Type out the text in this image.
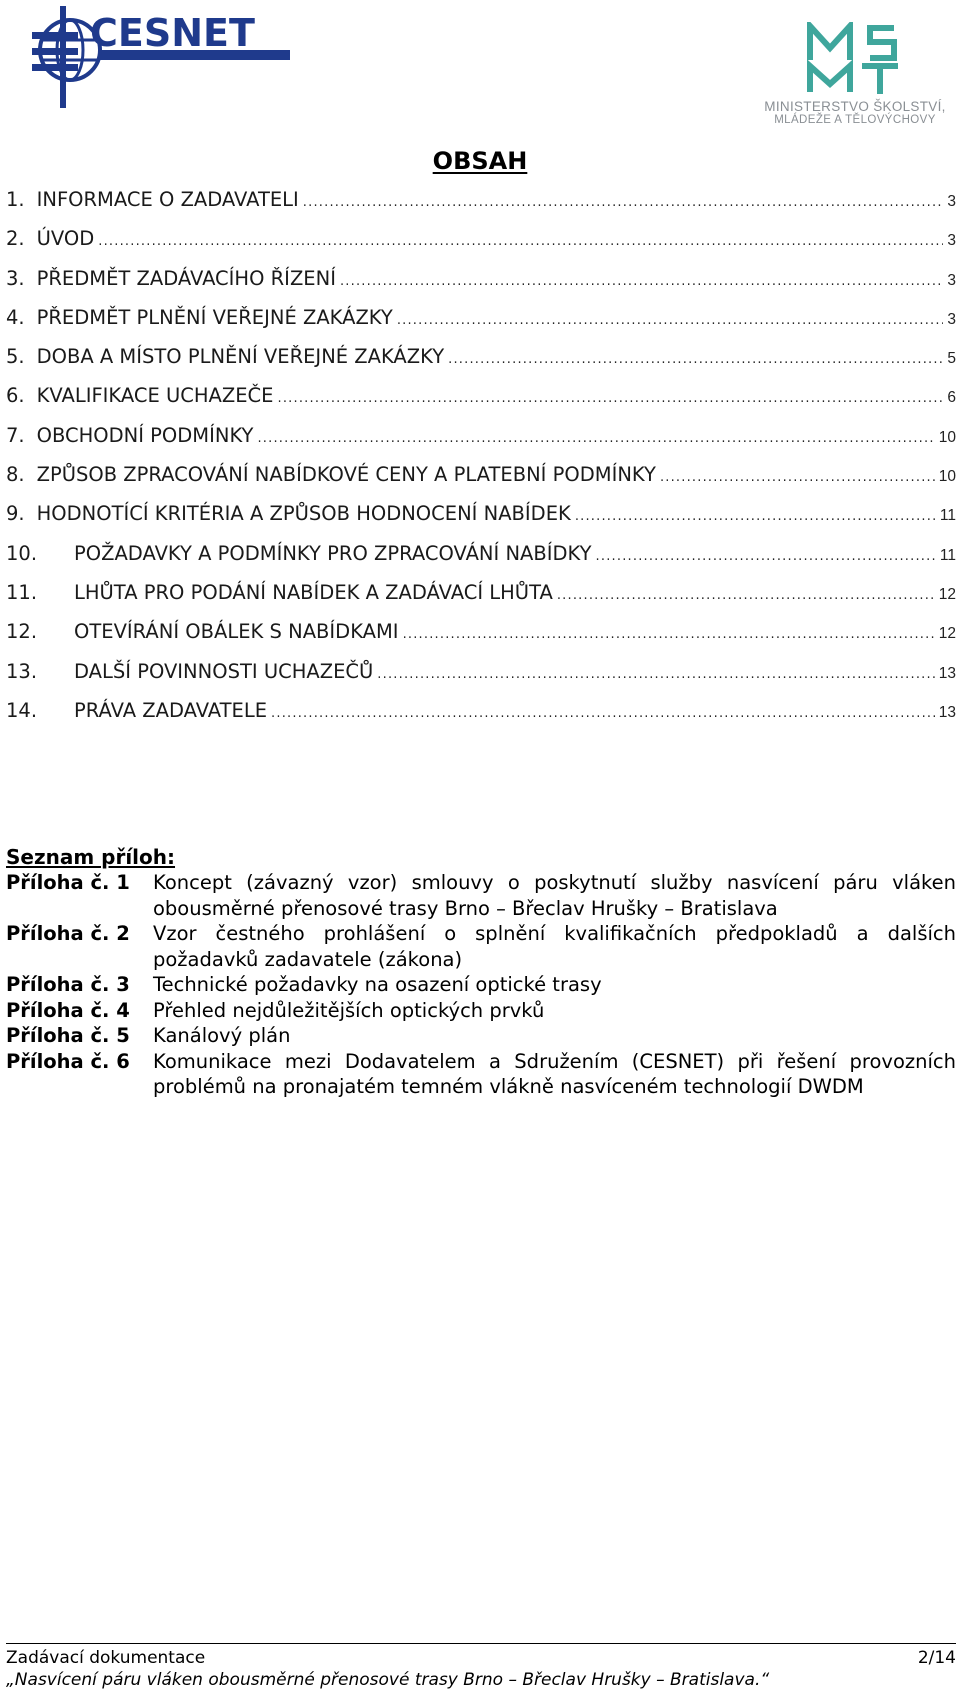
CESNET
MINISTERSTVO ŠKOLSTVÍ,
MLÁDEŽE A TĚLOVÝCHOVY
OBSAH
1. INFORMACE O ZADAVATELI .....	3
2. ÚVOD .....	3
3. PŘEDMĚT ZADÁVACÍHO ŘÍZENÍ .....	3
4. PŘEDMĚT PLNĚNÍ VEŘEJNÉ ZAKÁZKY .....	3
5. DOBA A MÍSTO PLNĚNÍ VEŘEJNÉ ZAKÁZKY .....	5
6. KVALIFIKACE UCHAZEČE .....	6
7. OBCHODNÍ PODMÍNKY .....	10
8. ZPŮSOB ZPRACOVÁNÍ NABÍDKOVÉ CENY A PLATEBNÍ PODMÍNKY .....	10
9. HODNOTÍCÍ KRITÉRIA A ZPŮSOB HODNOCENÍ NABÍDEK .....	11
10.	POŽADAVKY A PODMÍNKY PRO ZPRACOVÁNÍ NABÍDKY .....	11
11.	LHŮTA PRO PODÁNÍ NABÍDEK A ZADÁVACÍ LHŮTA .....	12
12.	OTEVÍRÁNÍ OBÁLEK S NABÍDKAMI .....	12
13.	DALŠÍ POVINNOSTI UCHAZEČŮ .....	13
14.	PRÁVA ZADAVATELE .....	13
Seznam příloh:
Příloha č. 1	Koncept (závazný vzor) smlouvy o poskytnutí služby nasvícení páru vláken obousměrné přenosové trasy Brno – Břeclav Hrušky – Bratislava
Příloha č. 2	Vzor čestného prohlášení o splnění kvalifikačních předpokladů a dalších požadavků zadavatele (zákona)
Příloha č. 3	Technické požadavky na osazení optické trasy
Příloha č. 4	Přehled nejdůležitějších optických prvků
Příloha č. 5	Kanálový plán
Příloha č. 6	Komunikace mezi Dodavatelem a Sdružením (CESNET) při řešení provozních problémů na pronajatém temném vlákně nasvíceném technologií DWDM
Zadávací dokumentace	2/14
„Nasvícení páru vláken obousměrné přenosové trasy Brno – Břeclav Hrušky – Bratislava.“
